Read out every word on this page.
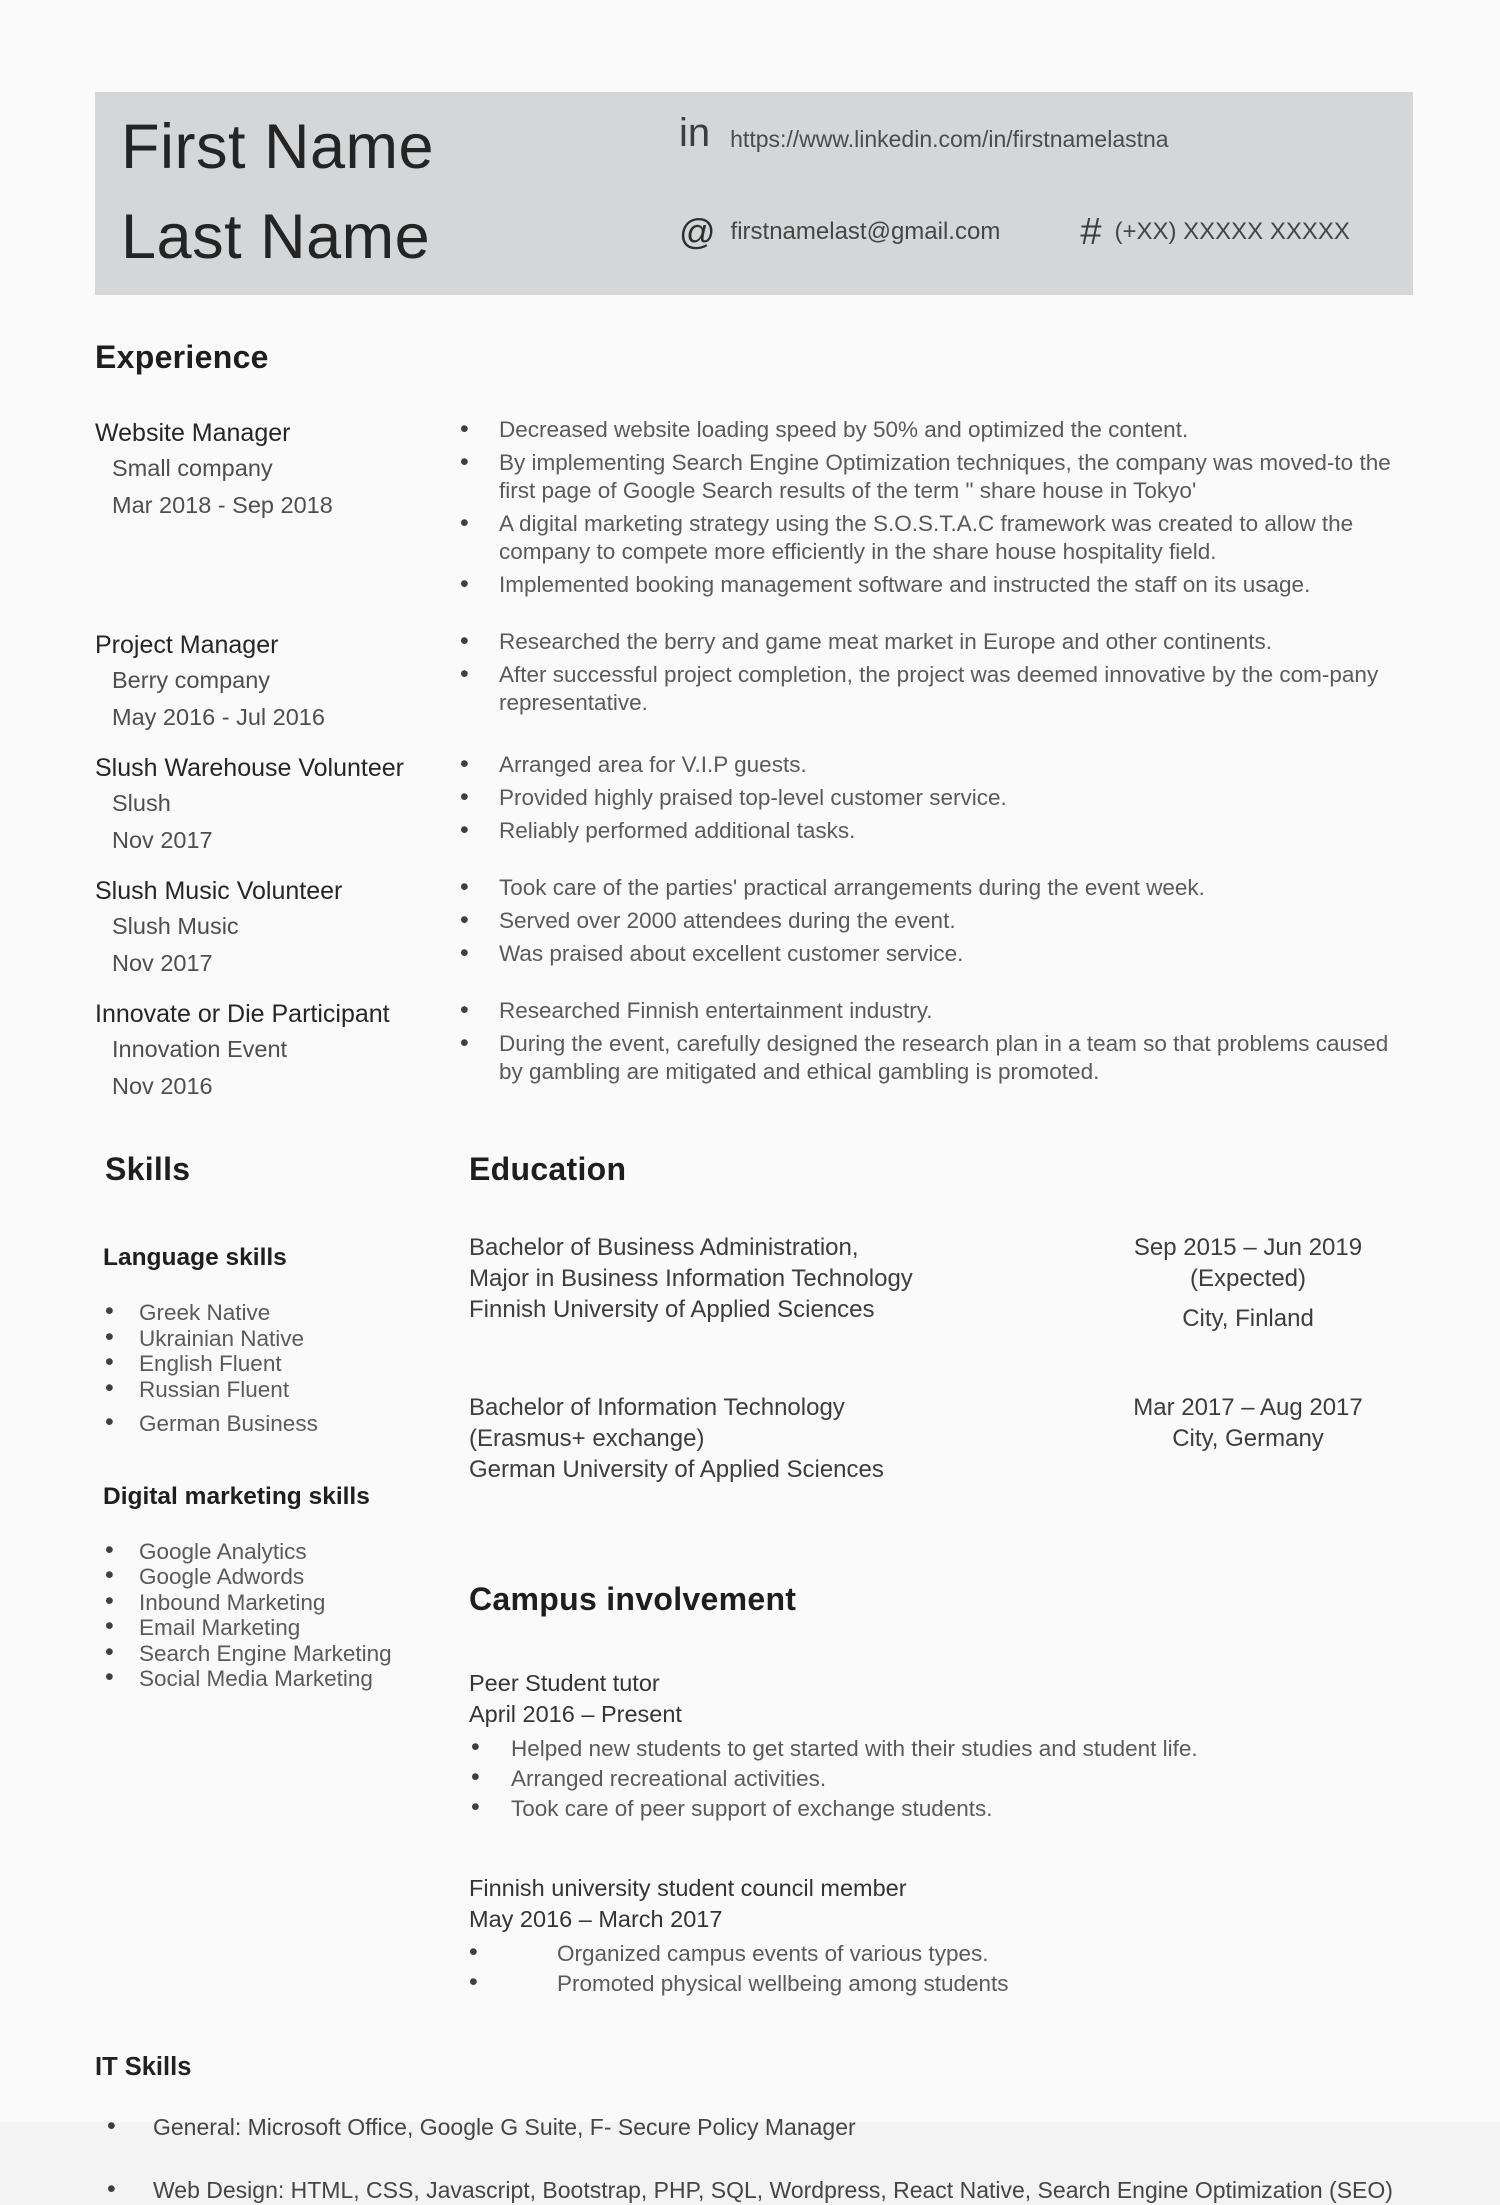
First Name
Last Name
in https://www.linkedin.com/in/firstnamelastna
@ firstnamelast@gmail.com # (+XX) XXXXX XXXXX
Experience
Website Manager
Small company
Mar 2018 - Sep 2018
• Decreased website loading speed by 50% and optimized the content.
• By implementing Search Engine Optimization techniques, the company was moved-to the first page of Google Search results of the term " share house in Tokyo'
• A digital marketing strategy using the S.O.S.T.A.C framework was created to allow the company to compete more efficiently in the share house hospitality field.
• Implemented booking management software and instructed the staff on its usage.
Project Manager
Berry company
May 2016 - Jul 2016
• Researched the berry and game meat market in Europe and other continents.
• After successful project completion, the project was deemed innovative by the com-pany representative.
Slush Warehouse Volunteer
Slush
Nov 2017
• Arranged area for V.I.P guests.
• Provided highly praised top-level customer service.
• Reliably performed additional tasks.
Slush Music Volunteer
Slush Music
Nov 2017
• Took care of the parties' practical arrangements during the event week.
• Served over 2000 attendees during the event.
• Was praised about excellent customer service.
Innovate or Die Participant
Innovation Event
Nov 2016
• Researched Finnish entertainment industry.
• During the event, carefully designed the research plan in a team so that problems caused by gambling are mitigated and ethical gambling is promoted.
Skills
Language skills
• Greek Native
• Ukrainian Native
• English Fluent
• Russian Fluent
• German Business
Digital marketing skills
• Google Analytics
• Google Adwords
• Inbound Marketing
• Email Marketing
• Search Engine Marketing
• Social Media Marketing
Education
Bachelor of Business Administration,
Major in Business Information Technology
Finnish University of Applied Sciences
Sep 2015 – Jun 2019
(Expected)
City, Finland
Bachelor of Information Technology
(Erasmus+ exchange)
German University of Applied Sciences
Mar 2017 – Aug 2017
City, Germany
Campus involvement
Peer Student tutor
April 2016 – Present
• Helped new students to get started with their studies and student life.
• Arranged recreational activities.
• Took care of peer support of exchange students.
Finnish university student council member
May 2016 – March 2017
• Organized campus events of various types.
• Promoted physical wellbeing among students
IT Skills
• General: Microsoft Office, Google G Suite, F- Secure Policy Manager
• Web Design: HTML, CSS, Javascript, Bootstrap, PHP, SQL, Wordpress, React Native, Search Engine Optimization (SEO)
